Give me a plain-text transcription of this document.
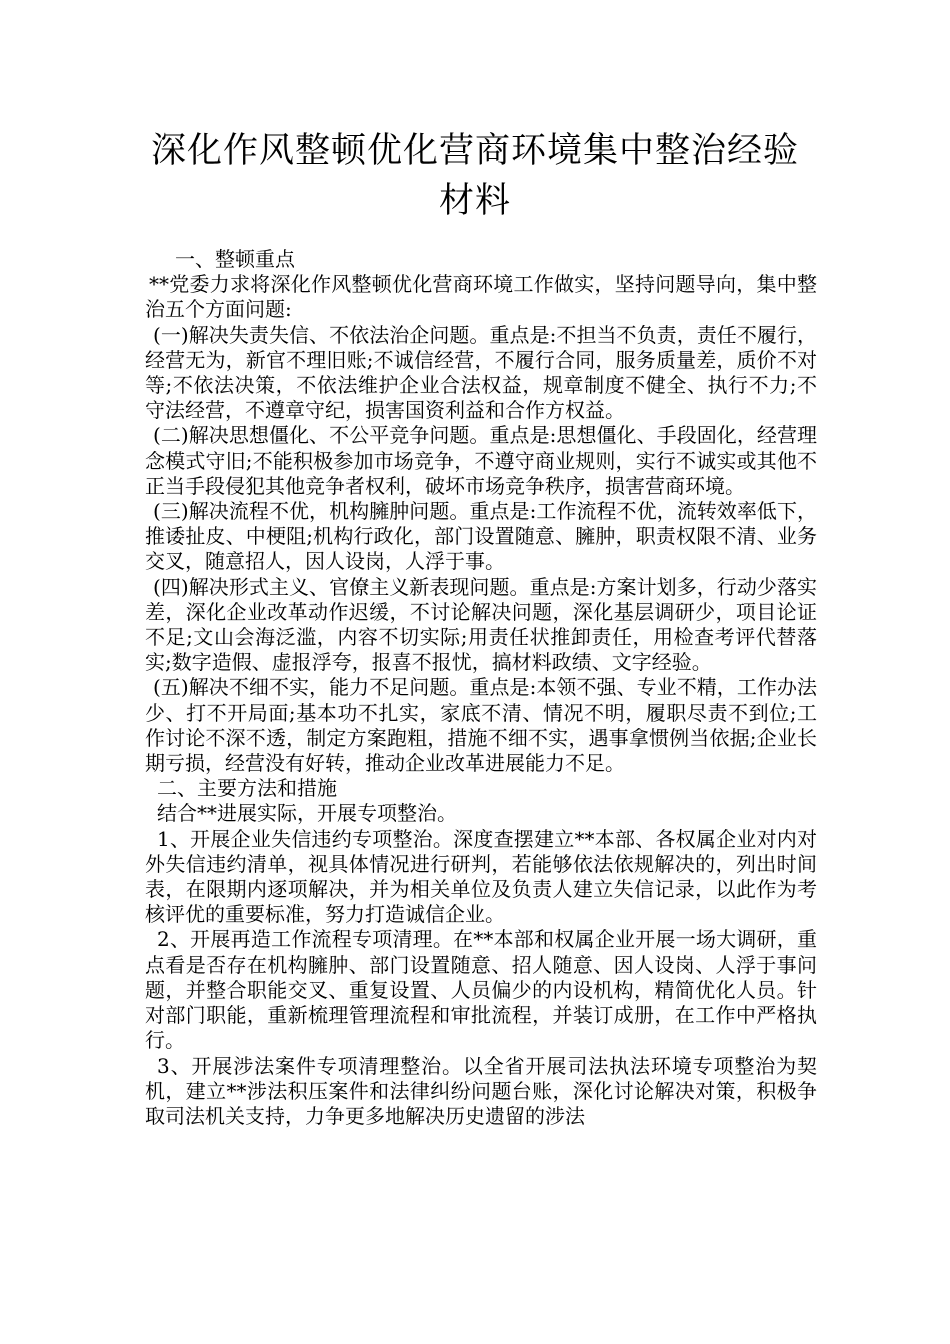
深化作风整顿优化营商环境集中整治经验
材料

一、整顿重点

**党委力求将深化作风整顿优化营商环境工作做实，坚持问题导向，集中整治五个方面问题:

(一)解决失责失信、不依法治企问题。重点是:不担当不负责，责任不履行，经营无为，新官不理旧账;不诚信经营，不履行合同，服务质量差，质价不对等;不依法决策，不依法维护企业合法权益，规章制度不健全、执行不力;不守法经营，不遵章守纪，损害国资利益和合作方权益。

(二)解决思想僵化、不公平竞争问题。重点是:思想僵化、手段固化，经营理念模式守旧;不能积极参加市场竞争，不遵守商业规则，实行不诚实或其他不正当手段侵犯其他竞争者权利，破坏市场竞争秩序，损害营商环境。

(三)解决流程不优，机构臃肿问题。重点是:工作流程不优，流转效率低下，推诿扯皮、中梗阻;机构行政化，部门设置随意、臃肿，职责权限不清、业务交叉，随意招人，因人设岗，人浮于事。

(四)解决形式主义、官僚主义新表现问题。重点是:方案计划多，行动少落实差，深化企业改革动作迟缓，不讨论解决问题，深化基层调研少，项目论证不足;文山会海泛滥，内容不切实际;用责任状推卸责任，用检查考评代替落实;数字造假、虚报浮夸，报喜不报忧，搞材料政绩、文字经验。

(五)解决不细不实，能力不足问题。重点是:本领不强、专业不精，工作办法少、打不开局面;基本功不扎实，家底不清、情况不明，履职尽责不到位;工作讨论不深不透，制定方案跑粗，措施不细不实，遇事拿惯例当依据;企业长期亏损，经营没有好转，推动企业改革进展能力不足。

二、主要方法和措施

结合**进展实际，开展专项整治。

1、开展企业失信违约专项整治。深度查摆建立**本部、各权属企业对内对外失信违约清单，视具体情况进行研判，若能够依法依规解决的，列出时间表，在限期内逐项解决，并为相关单位及负责人建立失信记录，以此作为考核评优的重要标准，努力打造诚信企业。

2、开展再造工作流程专项清理。在**本部和权属企业开展一场大调研，重点看是否存在机构臃肿、部门设置随意、招人随意、因人设岗、人浮于事问题，并整合职能交叉、重复设置、人员偏少的内设机构，精简优化人员。针对部门职能，重新梳理管理流程和审批流程，并装订成册，在工作中严格执行。

3、开展涉法案件专项清理整治。以全省开展司法执法环境专项整治为契机，建立**涉法积压案件和法律纠纷问题台账，深化讨论解决对策，积极争取司法机关支持，力争更多地解决历史遗留的涉法
